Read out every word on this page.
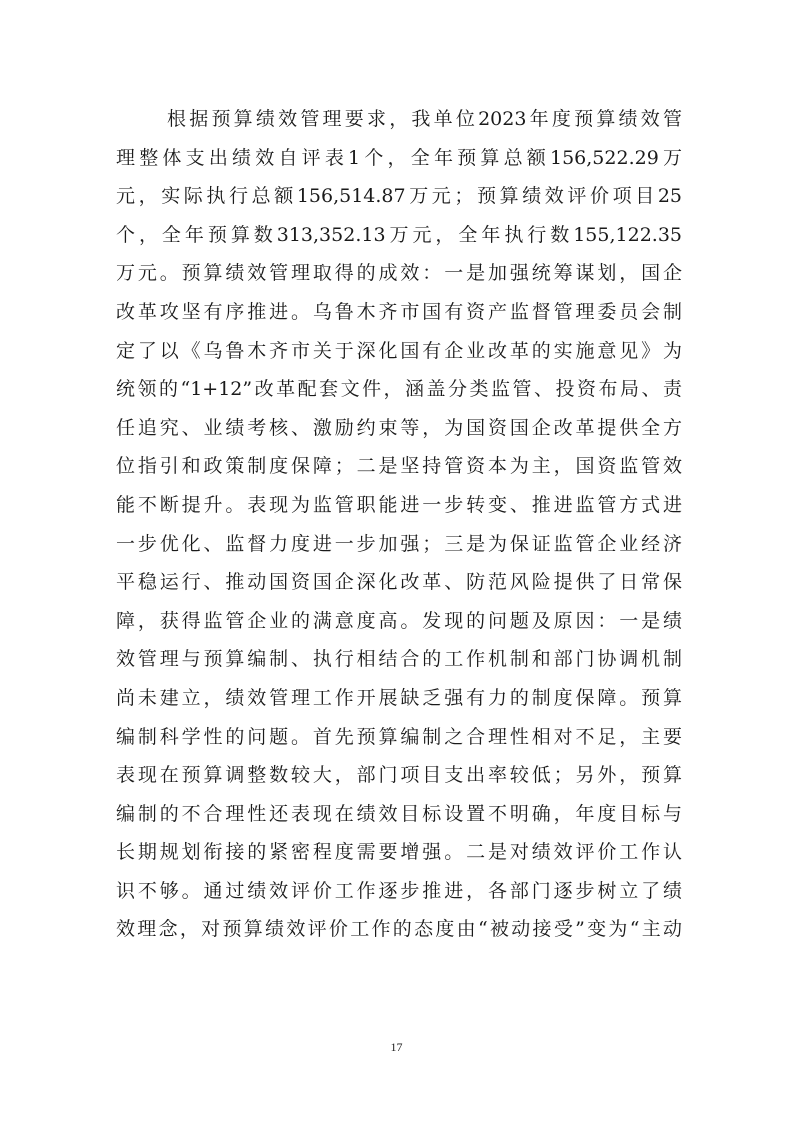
根据预算绩效管理要求，我单位2023年度预算绩效管
理整体支出绩效自评表1个，全年预算总额156,522.29万
元，实际执行总额156,514.87万元；预算绩效评价项目25
个，全年预算数313,352.13万元，全年执行数155,122.35
万元。预算绩效管理取得的成效：一是加强统筹谋划，国企
改革攻坚有序推进。乌鲁木齐市国有资产监督管理委员会制
定了以《乌鲁木齐市关于深化国有企业改革的实施意见》为
统领的“1+12”改革配套文件，涵盖分类监管、投资布局、责
任追究、业绩考核、激励约束等，为国资国企改革提供全方
位指引和政策制度保障；二是坚持管资本为主，国资监管效
能不断提升。表现为监管职能进一步转变、推进监管方式进
一步优化、监督力度进一步加强；三是为保证监管企业经济
平稳运行、推动国资国企深化改革、防范风险提供了日常保
障，获得监管企业的满意度高。发现的问题及原因：一是绩
效管理与预算编制、执行相结合的工作机制和部门协调机制
尚未建立，绩效管理工作开展缺乏强有力的制度保障。预算
编制科学性的问题。首先预算编制之合理性相对不足，主要
表现在预算调整数较大，部门项目支出率较低；另外，预算
编制的不合理性还表现在绩效目标设置不明确，年度目标与
长期规划衔接的紧密程度需要增强。二是对绩效评价工作认
识不够。通过绩效评价工作逐步推进，各部门逐步树立了绩
效理念，对预算绩效评价工作的态度由“被动接受”变为“主动
17
